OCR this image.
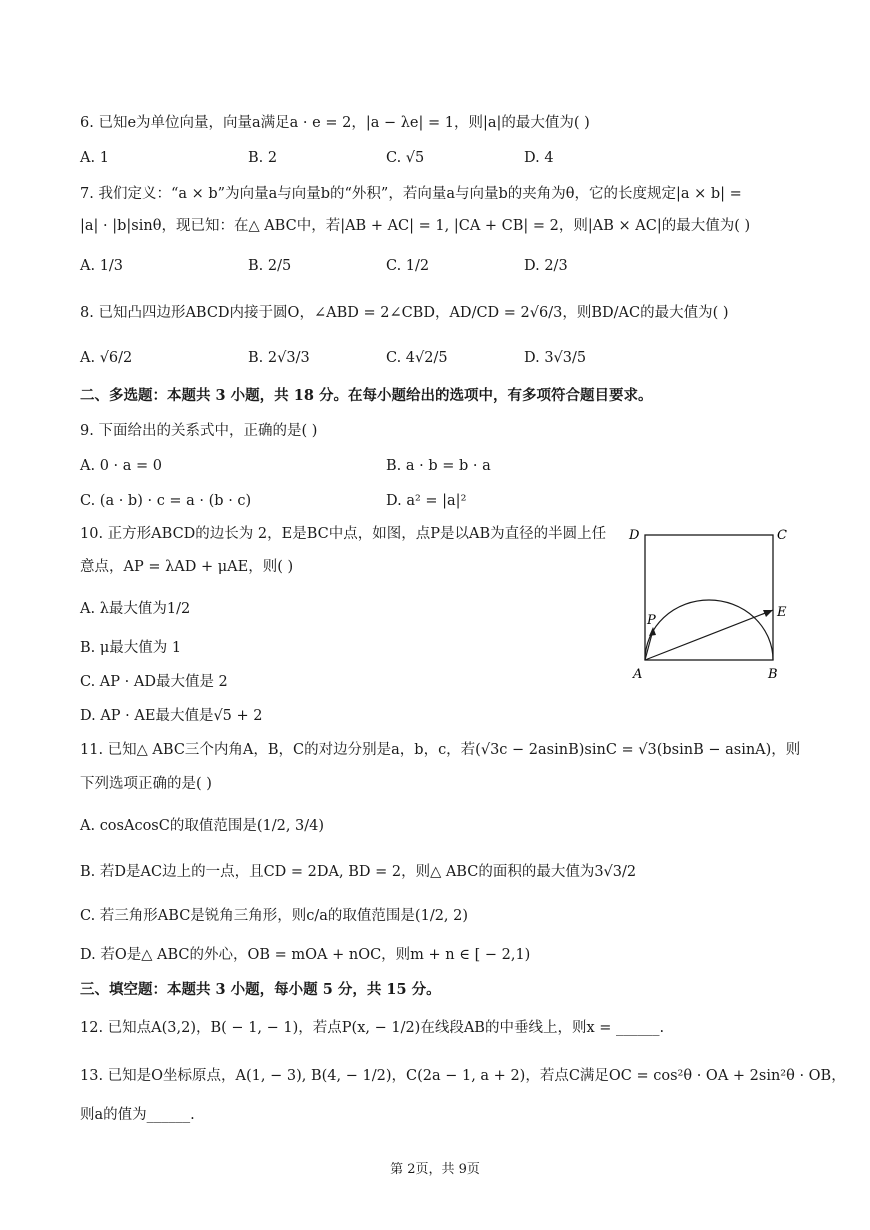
6. 已知e为单位向量，向量a满足a · e = 2，|a − λe| = 1，则|a|的最大值为( )
A. 1	B. 2	C. √5	D. 4
7. 我们定义：“a × b”为向量a与向量b的“外积”，若向量a与向量b的夹角为θ，它的长度规定|a × b| =
|a| · |b|sinθ，现已知：在△ ABC中，若|AB + AC| = 1, |CA + CB| = 2，则|AB × AC|的最大值为( )
A. 1/3	B. 2/5	C. 1/2	D. 2/3
8. 已知凸四边形ABCD内接于圆O，∠ABD = 2∠CBD，AD/CD = 2√6/3，则BD/AC的最大值为( )
A. √6/2	B. 2√3/3	C. 4√2/5	D. 3√3/5
二、多选题：本题共 3 小题，共 18 分。在每小题给出的选项中，有多项符合题目要求。
9. 下面给出的关系式中，正确的是( )
A. 0 · a = 0	B. a · b = b · a
C. (a · b) · c = a · (b · c)	D. a² = |a|²
10. 正方形ABCD的边长为 2，E是BC中点，如图，点P是以AB为直径的半圆上任
意点，AP = λAD + μAE，则( )
A. λ最大值为1/2
B. μ最大值为 1
C. AP · AD最大值是 2
D. AP · AE最大值是√5 + 2
D	C
P
E
A	B
11. 已知△ ABC三个内角A，B，C的对边分别是a，b，c，若(√3c − 2asinB)sinC = √3(bsinB − asinA)，则
下列选项正确的是( )
A. cosAcosC的取值范围是(1/2, 3/4)
B. 若D是AC边上的一点，且CD = 2DA, BD = 2，则△ ABC的面积的最大值为3√3/2
C. 若三角形ABC是锐角三角形，则c/a的取值范围是(1/2, 2)
D. 若O是△ ABC的外心，OB = mOA + nOC，则m + n ∈ [ − 2,1)
三、填空题：本题共 3 小题，每小题 5 分，共 15 分。
12. 已知点A(3,2)，B( − 1, − 1)，若点P(x, − 1/2)在线段AB的中垂线上，则x = ______.
13. 已知是O坐标原点，A(1, − 3), B(4, − 1/2)，C(2a − 1, a + 2)，若点C满足OC = cos²θ · OA + 2sin²θ · OB，
则a的值为______.
第 2页，共 9页
